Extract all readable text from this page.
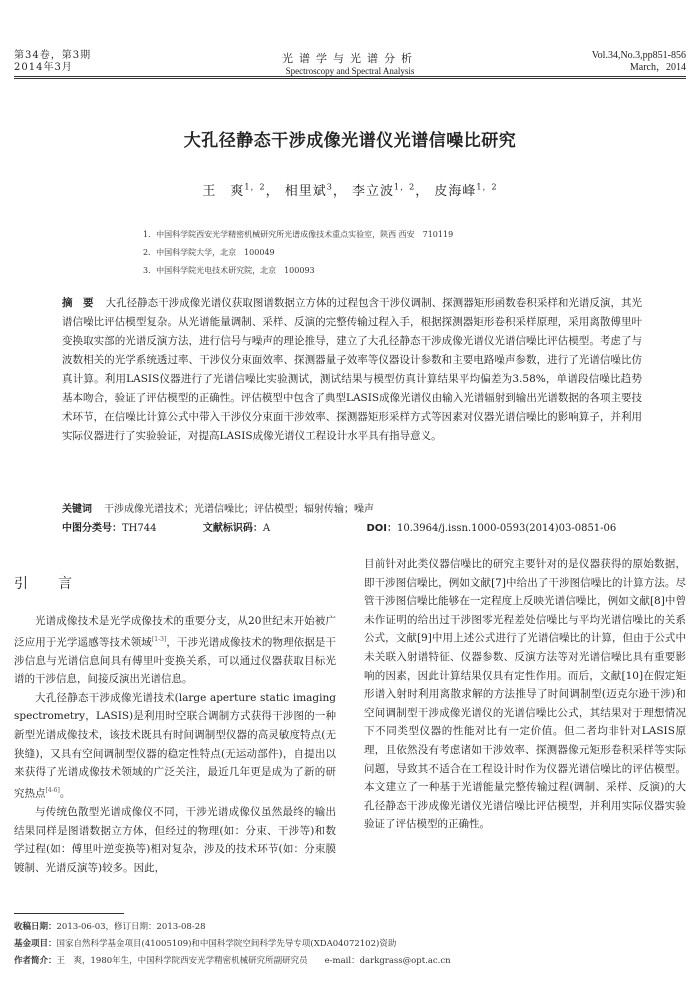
第34卷，第3期
2014年3月
光谱学与光谱分析
Spectroscopy and Spectral Analysis
Vol.34,No.3,pp851-856
March，2014
大孔径静态干涉成像光谱仪光谱信噪比研究
王　爽$^{1,2}$， 相里斌$^3$， 李立波$^{1,2}$， 皮海峰$^{1,2}$
1．中国科学院西安光学精密机械研究所光谱成像技术重点实验室，陕西 西安　710119
2．中国科学院大学，北京　100049
3．中国科学院光电技术研究院，北京　100093
摘　要 大孔径静态干涉成像光谱仪获取图谱数据立方体的过程包含干涉仪调制、探测器矩形函数卷积采样和光谱反演，其光谱信噪比评估模型复杂。从光谱能量调制、采样、反演的完整传输过程入手，根据探测器矩形卷积采样原理，采用离散傅里叶变换取实部的光谱反演方法，进行信号与噪声的理论推导，建立了大孔径静态干涉成像光谱仪光谱信噪比评估模型。考虑了与波数相关的光学系统透过率、干涉仪分束面效率、探测器量子效率等仪器设计参数和主要电路噪声参数，进行了光谱信噪比仿真计算。利用LASIS仪器进行了光谱信噪比实验测试，测试结果与模型仿真计算结果平均偏差为3.58%，单谱段信噪比趋势基本吻合，验证了评估模型的正确性。评估模型中包含了典型LASIS成像光谱仪由输入光谱辐射到输出光谱数据的各项主要技术环节，在信噪比计算公式中带入干涉仪分束面干涉效率、探测器矩形采样方式等因素对仪器光谱信噪比的影响算子，并利用实际仪器进行了实验验证，对提高LASIS成像光谱仪工程设计水平具有指导意义。
关键词 干涉成像光谱技术；光谱信噪比；评估模型；辐射传输；噪声
中图分类号：TH744	文献标识码：A	DOI：10.3964/j.issn.1000-0593(2014)03-0851-06
引　言

光谱成像技术是光学成像技术的重要分支，从20世纪末开始被广泛应用于光学遥感等技术领域[1-3]，干涉光谱成像技术的物理依据是干涉信息与光谱信息间具有傅里叶变换关系，可以通过仪器获取目标光谱的干涉信息，间接反演出光谱信息。

大孔径静态干涉成像光谱技术(large aperture static imaging spectrometry，LASIS)是利用时空联合调制方式获得干涉图的一种新型光谱成像技术，该技术既具有时间调制型仪器的高灵敏度特点(无狭缝)，又具有空间调制型仪器的稳定性特点(无运动部件)，自提出以来获得了光谱成像技术领域的广泛关注，最近几年更是成为了新的研究热点[4-6]。

与传统色散型光谱成像仪不同，干涉光谱成像仪虽然最终的输出结果同样是图谱数据立方体，但经过的物理(如：分束、干涉等)和数学过程(如：傅里叶逆变换等)相对复杂，涉及的技术环节(如：分束膜镀制、光谱反演等)较多。因此，

目前针对此类仪器信噪比的研究主要针对的是仪器获得的原始数据，即干涉图信噪比，例如文献[7]中给出了干涉图信噪比的计算方法。尽管干涉图信噪比能够在一定程度上反映光谱信噪比，例如文献[8]中曾未作证明的给出过干涉图零光程差处信噪比与平均光谱信噪比的关系公式，文献[9]中用上述公式进行了光谱信噪比的计算，但由于公式中未关联入射谱特征、仪器参数、反演方法等对光谱信噪比具有重要影响的因素，因此计算结果仅具有定性作用。而后，文献[10]在假定矩形谱入射时利用离散求解的方法推导了时间调制型(迈克尔逊干涉)和空间调制型干涉成像光谱仪的光谱信噪比公式，其结果对于理想情况下不同类型仪器的性能对比有一定价值。但二者均非针对LASIS原理，且依然没有考虑诸如干涉效率、探测器像元矩形卷积采样等实际问题，导致其不适合在工程设计时作为仪器光谱信噪比的评估模型。本文建立了一种基于光谱能量完整传输过程(调制、采样、反演)的大孔径静态干涉成像光谱仪光谱信噪比评估模型，并利用实际仪器实验验证了评估模型的正确性。

收稿日期：2013-06-03，修订日期：2013-08-28
基金项目：国家自然科学基金项目(41005109)和中国科学院空间科学先导专项(XDA04072102)资助
作者简介：王　爽，1980年生，中国科学院西安光学精密机械研究所副研究员　　e-mail：darkgrass@opt.ac.cn
